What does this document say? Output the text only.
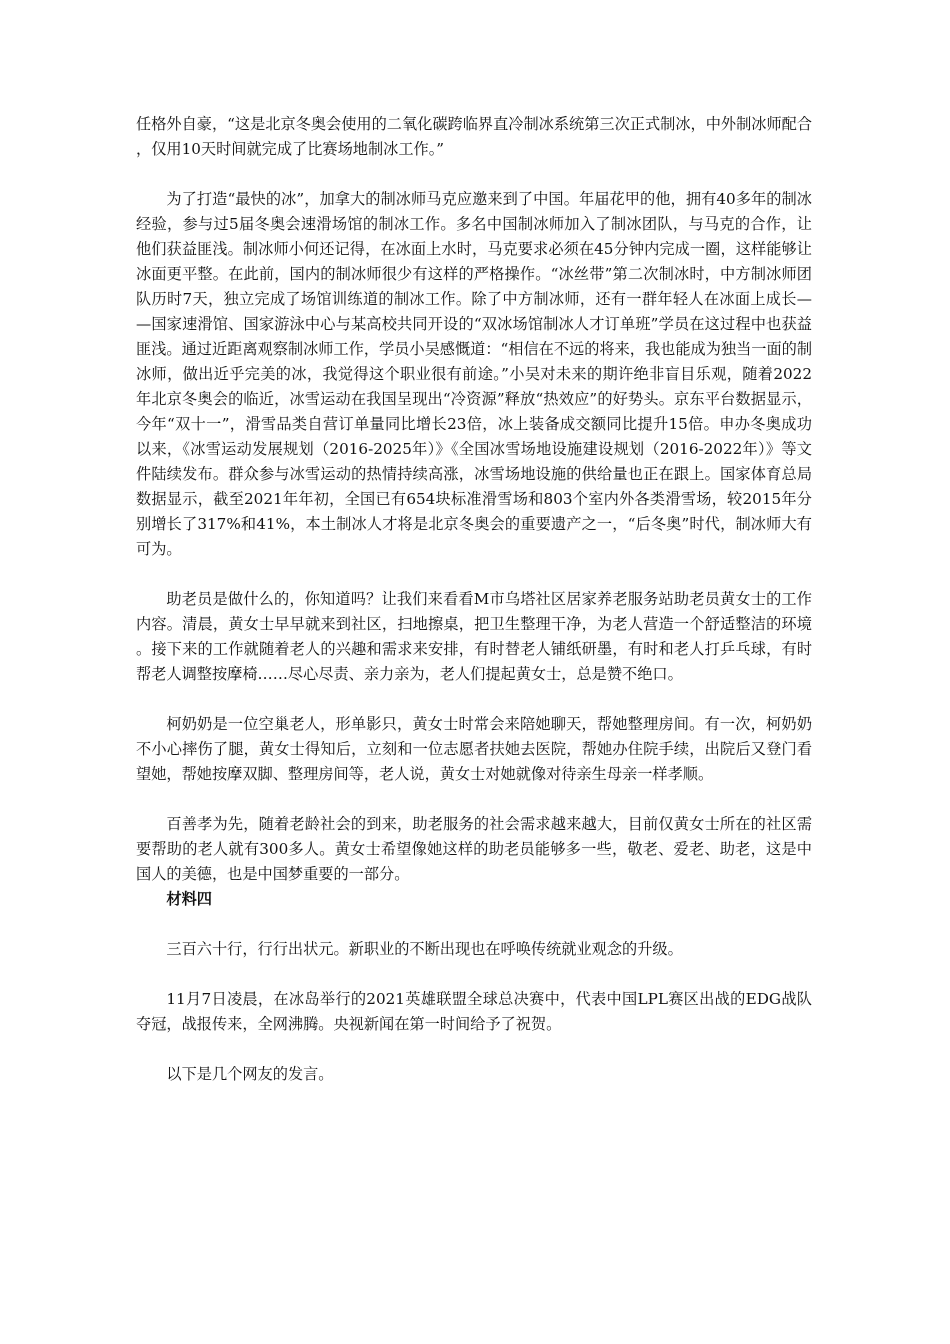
任格外自豪，“这是北京冬奥会使用的二氧化碳跨临界直冷制冰系统第三次正式制冰，中外制冰师配合，仅用10天时间就完成了比赛场地制冰工作。”

为了打造“最快的冰”，加拿大的制冰师马克应邀来到了中国。年届花甲的他，拥有40多年的制冰经验，参与过5届冬奥会速滑场馆的制冰工作。多名中国制冰师加入了制冰团队，与马克的合作，让他们获益匪浅。制冰师小何还记得，在冰面上水时，马克要求必须在45分钟内完成一圈，这样能够让冰面更平整。在此前，国内的制冰师很少有这样的严格操作。“冰丝带”第二次制冰时，中方制冰师团队历时7天，独立完成了场馆训练道的制冰工作。除了中方制冰师，还有一群年轻人在冰面上成长——国家速滑馆、国家游泳中心与某高校共同开设的“双冰场馆制冰人才订单班”学员在这过程中也获益匪浅。通过近距离观察制冰师工作，学员小吴感慨道：“相信在不远的将来，我也能成为独当一面的制冰师，做出近乎完美的冰，我觉得这个职业很有前途。”小吴对未来的期许绝非盲目乐观，随着2022年北京冬奥会的临近，冰雪运动在我国呈现出“冷资源”释放“热效应”的好势头。京东平台数据显示，今年“双十一”，滑雪品类自营订单量同比增长23倍，冰上装备成交额同比提升15倍。申办冬奥成功以来，《冰雪运动发展规划（2016-2025年）》《全国冰雪场地设施建设规划（2016-2022年）》等文件陆续发布。群众参与冰雪运动的热情持续高涨，冰雪场地设施的供给量也正在跟上。国家体育总局数据显示，截至2021年年初，全国已有654块标准滑雪场和803个室内外各类滑雪场，较2015年分别增长了317%和41%，本土制冰人才将是北京冬奥会的重要遗产之一，“后冬奥”时代，制冰师大有可为。

助老员是做什么的，你知道吗？让我们来看看M市乌塔社区居家养老服务站助老员黄女士的工作内容。清晨，黄女士早早就来到社区，扫地擦桌，把卫生整理干净，为老人营造一个舒适整洁的环境。接下来的工作就随着老人的兴趣和需求来安排，有时替老人铺纸研墨，有时和老人打乒乓球，有时帮老人调整按摩椅……尽心尽责、亲力亲为，老人们提起黄女士，总是赞不绝口。

柯奶奶是一位空巢老人，形单影只，黄女士时常会来陪她聊天，帮她整理房间。有一次，柯奶奶不小心摔伤了腿，黄女士得知后，立刻和一位志愿者扶她去医院，帮她办住院手续，出院后又登门看望她，帮她按摩双脚、整理房间等，老人说，黄女士对她就像对待亲生母亲一样孝顺。

百善孝为先，随着老龄社会的到来，助老服务的社会需求越来越大，目前仅黄女士所在的社区需要帮助的老人就有300多人。黄女士希望像她这样的助老员能够多一些，敬老、爱老、助老，这是中国人的美德，也是中国梦重要的一部分。

材料四

三百六十行，行行出状元。新职业的不断出现也在呼唤传统就业观念的升级。

11月7日凌晨，在冰岛举行的2021英雄联盟全球总决赛中，代表中国LPL赛区出战的EDG战队夺冠，战报传来，全网沸腾。央视新闻在第一时间给予了祝贺。

以下是几个网友的发言。
